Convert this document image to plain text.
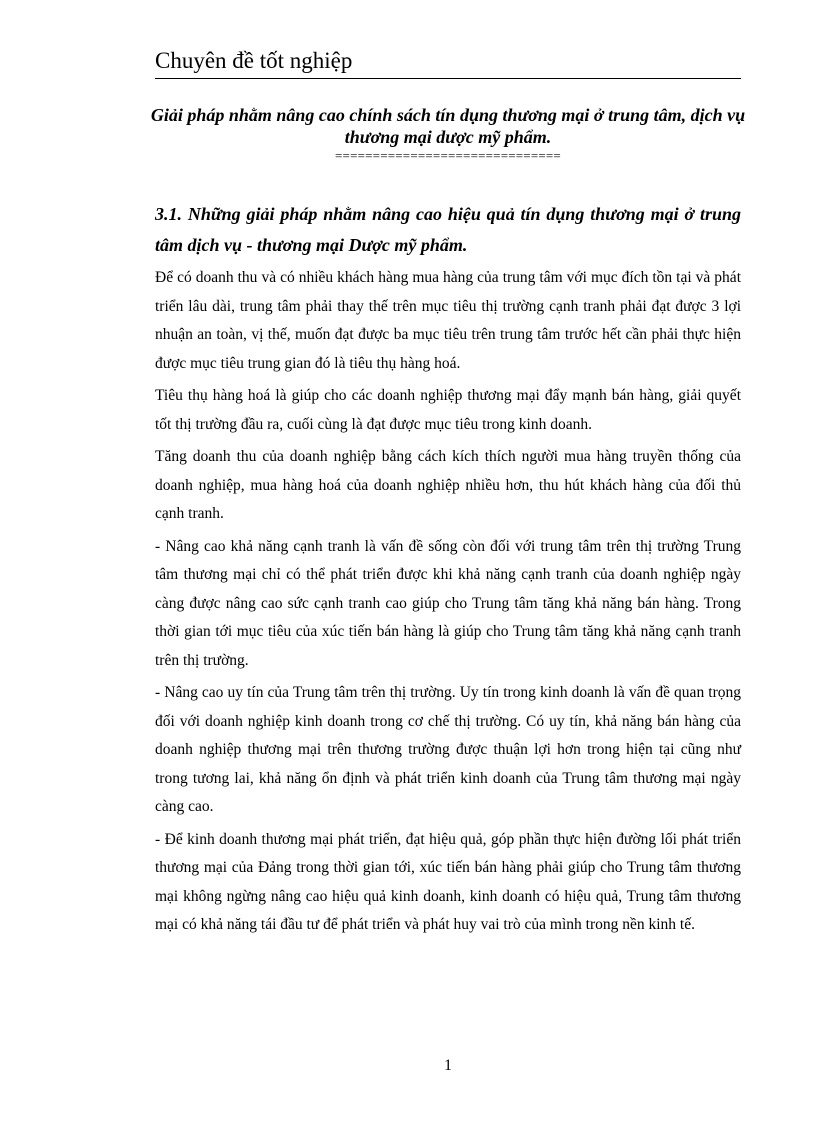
Chuyên đề tốt nghiệp
Giải pháp nhằm nâng cao chính sách tín dụng thương mại ở trung tâm, dịch vụ thương mại dược mỹ phẩm.
==============================
3.1. Những giải pháp nhằm nâng cao hiệu quả tín dụng thương mại ở trung tâm dịch vụ - thương mại Dược mỹ phẩm.

Để có doanh thu và có nhiều khách hàng mua hàng của trung tâm với mục đích tồn tại và phát triển lâu dài, trung tâm phải thay thế trên mục tiêu thị trường cạnh tranh phải đạt được 3 lợi nhuận an toàn, vị thế, muốn đạt được ba mục tiêu trên trung tâm trước hết cần phải thực hiện được mục tiêu trung gian đó là tiêu thụ hàng hoá.

Tiêu thụ hàng hoá là giúp cho các doanh nghiệp thương mại đẩy mạnh bán hàng, giải quyết tốt thị trường đầu ra, cuối cùng là đạt được mục tiêu trong kinh doanh.

Tăng doanh thu của doanh nghiệp bằng cách kích thích người mua hàng truyền thống của doanh nghiệp, mua hàng hoá của doanh nghiệp nhiều hơn, thu hút khách hàng của đối thủ cạnh tranh.

- Nâng cao khả năng cạnh tranh là vấn đề sống còn đối với trung tâm trên thị trường Trung tâm thương mại chỉ có thể phát triển được khi khả năng cạnh tranh của doanh nghiệp ngày càng được nâng cao sức cạnh tranh cao giúp cho Trung tâm tăng khả năng bán hàng. Trong thời gian tới mục tiêu của xúc tiến bán hàng là giúp cho Trung tâm tăng khả năng cạnh tranh trên thị trường.

- Nâng cao uy tín của Trung tâm trên thị trường. Uy tín trong kinh doanh là vấn đề quan trọng đối với doanh nghiệp kinh doanh trong cơ chế thị trường. Có uy tín, khả năng bán hàng của doanh nghiệp thương mại trên thương trường được thuận lợi hơn trong hiện tại cũng như trong tương lai, khả năng ổn định và phát triển kinh doanh của Trung tâm thương mại ngày càng cao.

- Để kinh doanh thương mại phát triển, đạt hiệu quả, góp phần thực hiện đường lối phát triển thương mại của Đảng trong thời gian tới, xúc tiến bán hàng phải giúp cho Trung tâm thương mại không ngừng nâng cao hiệu quả kinh doanh, kinh doanh có hiệu quả, Trung tâm thương mại có khả năng tái đầu tư để phát triển và phát huy vai trò của mình trong nền kinh tế.

1
